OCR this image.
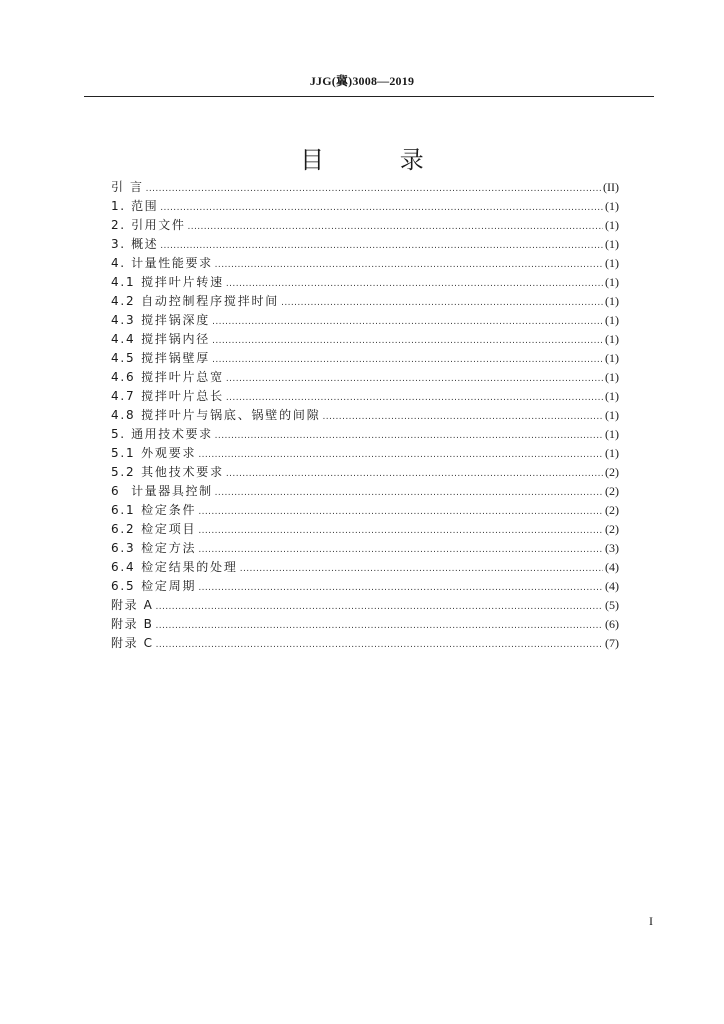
JJG(冀)3008—2019
目 录
引 言 .....	(II)
1. 范围 .....	(1)
2. 引用文件 .....	(1)
3. 概述 .....	(1)
4. 计量性能要求 .....	(1)
4.1 搅拌叶片转速 .....	(1)
4.2 自动控制程序搅拌时间 .....	(1)
4.3 搅拌锅深度 .....	(1)
4.4 搅拌锅内径 .....	(1)
4.5 搅拌锅壁厚 .....	(1)
4.6 搅拌叶片总宽 .....	(1)
4.7 搅拌叶片总长 .....	(1)
4.8 搅拌叶片与锅底、锅壁的间隙 .....	(1)
5. 通用技术要求 .....	(1)
5.1 外观要求 .....	(1)
5.2 其他技术要求 .....	(2)
6  计量器具控制 .....	(2)
6.1 检定条件 .....	(2)
6.2 检定项目 .....	(2)
6.3 检定方法 .....	(3)
6.4 检定结果的处理 .....	(4)
6.5 检定周期 .....	(4)
附录 A .....	(5)
附录 B .....	(6)
附录 C .....	(7)
I
